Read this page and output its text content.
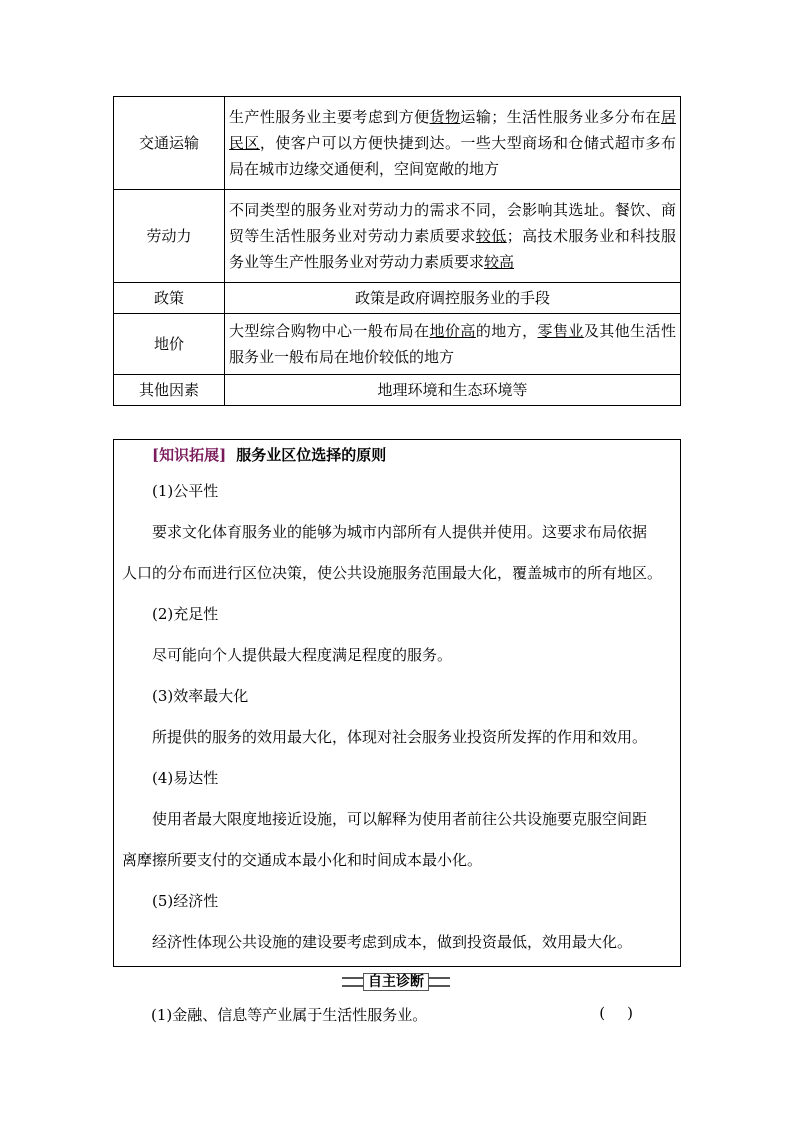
交通运输	生产性服务业主要考虑到方便货物运输；生活性服务业多分布在居民区，使客户可以方便快捷到达。一些大型商场和仓储式超市多布局在城市边缘交通便利，空间宽敞的地方
劳动力	不同类型的服务业对劳动力的需求不同，会影响其选址。餐饮、商贸等生活性服务业对劳动力素质要求较低；高技术服务业和科技服务业等生产性服务业对劳动力素质要求较高
政策	政策是政府调控服务业的手段
地价	大型综合购物中心一般布局在地价高的地方，零售业及其他生活性服务业一般布局在地价较低的地方
其他因素	地理环境和生态环境等
[知识拓展] 服务业区位选择的原则
(1)公平性
要求文化体育服务业的能够为城市内部所有人提供并使用。这要求布局依据
人口的分布而进行区位决策，使公共设施服务范围最大化，覆盖城市的所有地区。
(2)充足性
尽可能向个人提供最大程度满足程度的服务。
(3)效率最大化
所提供的服务的效用最大化，体现对社会服务业投资所发挥的作用和效用。
(4)易达性
使用者最大限度地接近设施，可以解释为使用者前往公共设施要克服空间距
离摩擦所要支付的交通成本最小化和时间成本最小化。
(5)经济性
经济性体现公共设施的建设要考虑到成本，做到投资最低，效用最大化。
自主诊断
(1)金融、信息等产业属于生活性服务业。	()
